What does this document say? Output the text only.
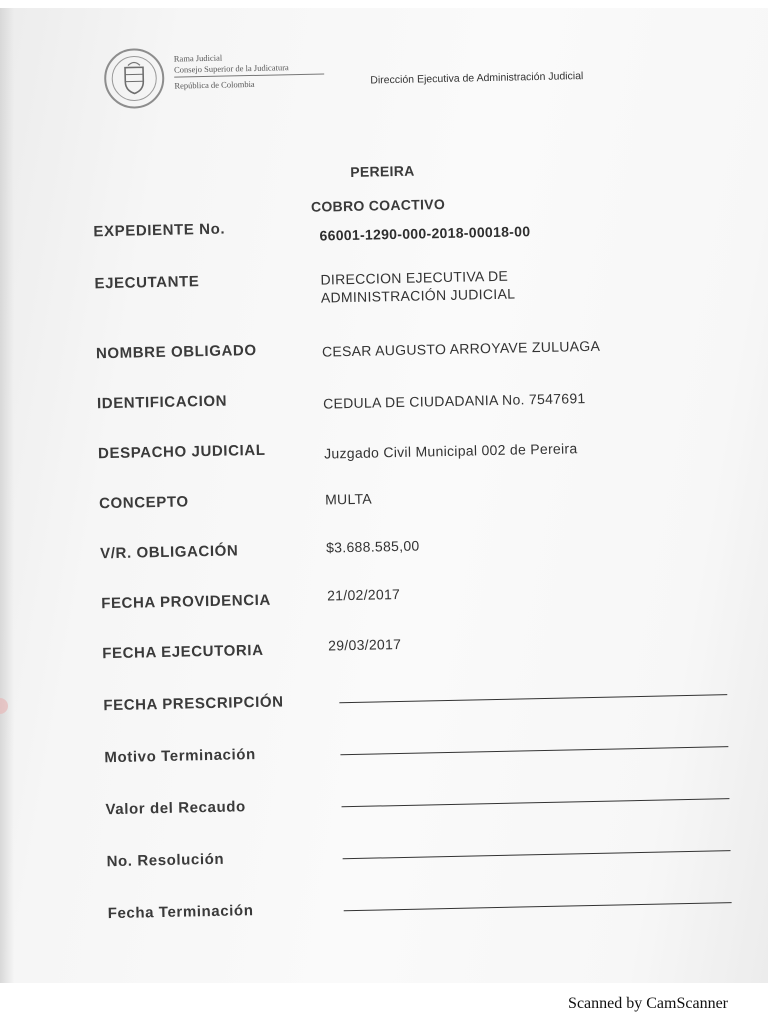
Rama Judicial
Consejo Superior de la Judicatura
República de Colombia	Dirección Ejecutiva de Administración Judicial
PEREIRA
COBRO COACTIVO
EXPEDIENTE No.	66001-1290-000-2018-00018-00
EJECUTANTE	DIRECCION EJECUTIVA DE
ADMINISTRACIÓN JUDICIAL
NOMBRE OBLIGADO	CESAR AUGUSTO ARROYAVE ZULUAGA
IDENTIFICACION	CEDULA DE CIUDADANIA No. 7547691
DESPACHO JUDICIAL	Juzgado Civil Municipal 002 de Pereira
CONCEPTO	MULTA
V/R. OBLIGACIÓN	$3.688.585,00
FECHA PROVIDENCIA	21/02/2017
FECHA EJECUTORIA	29/03/2017
FECHA PRESCRIPCIÓN
Motivo Terminación
Valor del Recaudo
No. Resolución
Fecha Terminación
Scanned by CamScanner
